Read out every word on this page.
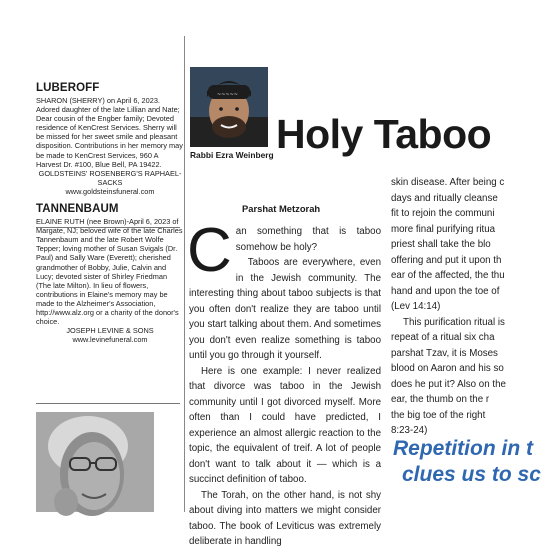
LUBEROFF
SHARON (SHERRY) on April 6, 2023. Adored daughter of the late Lillian and Nate; Dear cousin of the Engber family; Devoted residence of KenCrest Services. Sherry will be missed for her sweet smile and pleasant disposition. Contributions in her memory may be made to KenCrest Services, 960 A Harvest Dr. #100, Blue Bell, PA 19422.
GOLDSTEINS' ROSENBERG'S RAPHAEL-SACKS
www.goldsteinsfuneral.com
TANNENBAUM
ELAINE RUTH (nee Brown)-April 6, 2023 of Margate, NJ; beloved wife of the late Charles Tannenbaum and the late Robert Wolfe Tepper; loving mother of Susan Svigals (Dr. Paul) and Sally Ware (Everett); cherished grandmother of Bobby, Julie, Calvin and Lucy; devoted sister of Shirley Friedman (The late Milton). In lieu of flowers, contributions in Elaine's memory may be made to the Alzheimer's Association, http://www.alz.org or a charity of the donor's choice.
JOSEPH LEVINE & SONS
www.levinefuneral.com
~~~~~
Holy Taboo
Rabbi Ezra Weinberg
Parshat Metzorah

Can something that is taboo somehow be holy?

Taboos are everywhere, even in the Jewish community. The interesting thing about taboo subjects is that you often don't realize they are taboo until you start talking about them. And sometimes you don't even realize something is taboo until you go through it yourself.

Here is one example: I never realized that divorce was taboo in the Jewish community until I got divorced myself. More often than I could have predicted, I experience an almost allergic reaction to the topic, the equivalent of treif. A lot of people don't want to talk about it — which is a succinct definition of taboo.

The Torah, on the other hand, is not shy about diving into matters we might consider taboo. The book of Leviticus was extremely deliberate in handling

skin disease. After being c
days and ritually cleanse
fit to rejoin the communi
more final purifying ritua
priest shall take the blo
offering and put it upon th
ear of the affected, the thu
hand and upon the toe of
(Lev 14:14)
This purification ritual is
repeat of a ritual six cha
parshat Tzav, it is Moses
blood on Aaron and his so
does he put it? Also on the
ear, the thumb on the r
the big toe of the right
8:23-24)
Repetition in t
clues us to sc
